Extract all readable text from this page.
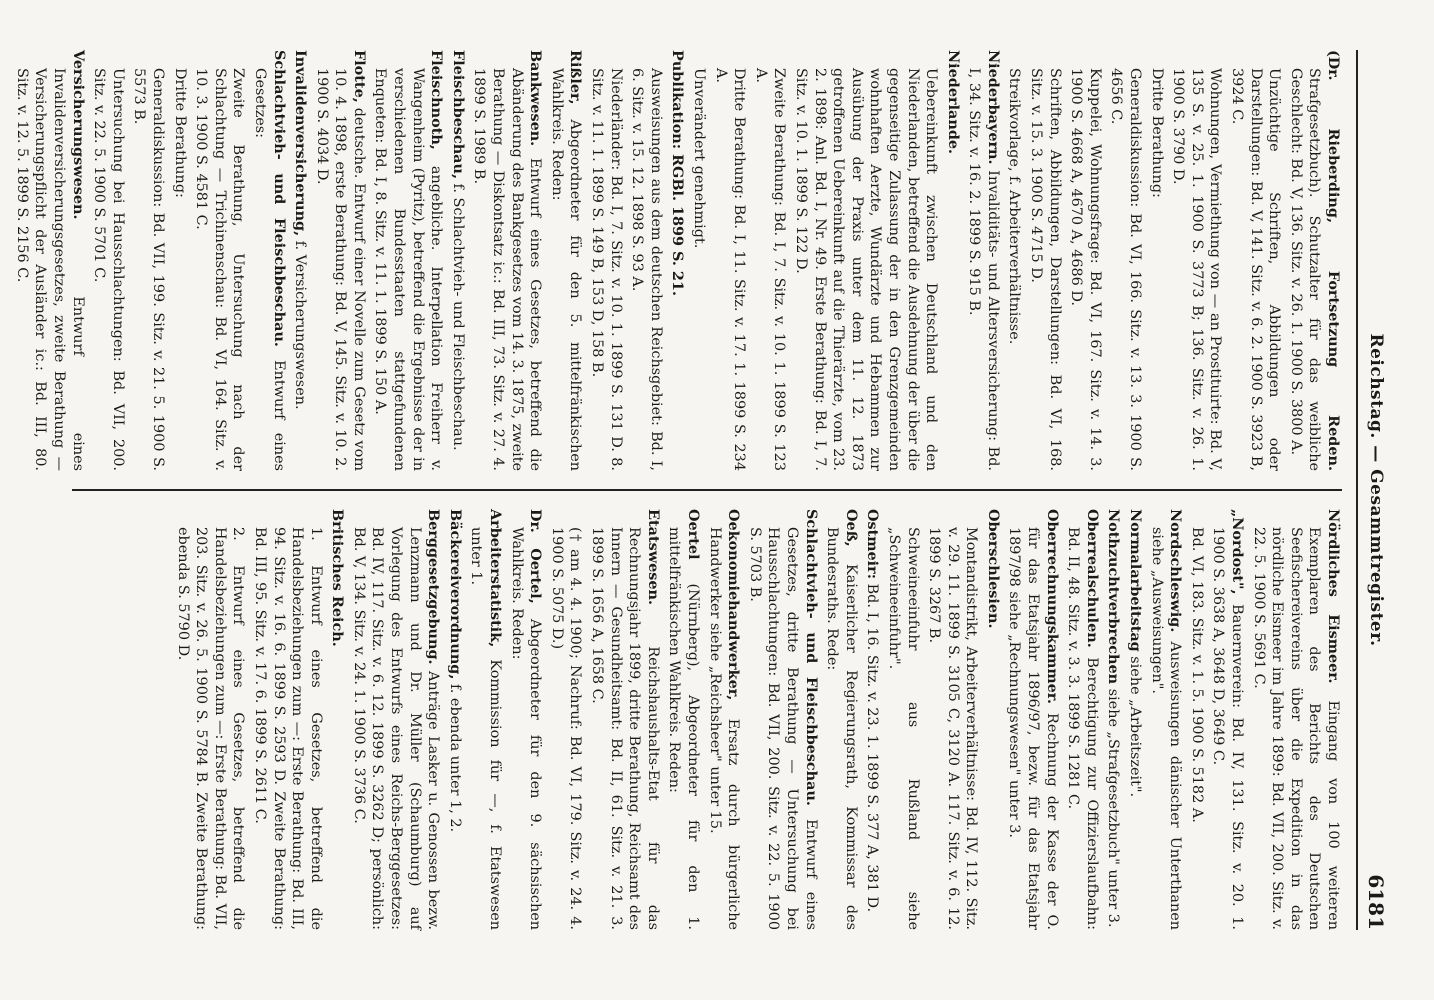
Reichstag. — Gesammtregister.
6181
(Dr. Rieberding, Fortsetzung Reden. Strafgesetzbuch). Schutzalter für das weibliche Geschlecht: Bd. V, 136. Sitz. v. 26. 1. 1900 S. 3800 A.
Unzüchtige Schriften, Abbildungen oder Darstellungen: Bd. V, 141. Sitz. v. 6. 2. 1900 S. 3923 B, 3924 C.
Wohnungen, Vermiethung von — an Prostituirte: Bd. V, 135 S. v. 25. 1. 1900 S. 3773 B; 136. Sitz. v. 26. 1. 1900 S. 3790 D.
Dritte Berathung:
Generaldiskussion: Bd. VI, 166. Sitz. v. 13. 3. 1900 S. 4656 C.
Kuppelei, Wohnungsfrage: Bd. VI, 167. Sitz. v. 14. 3. 1900 S. 4668 A, 4670 A, 4686 D.
Schriften, Abbildungen, Darstellungen: Bd. VI, 168. Sitz. v. 15. 3. 1900 S. 4715 D.
Streikvorlage, f. Arbeiterverhältnisse.
Niederbayern. Invaliditäts- und Altersversicherung: Bd. I, 34. Sitz. v. 16. 2. 1899 S. 915 B.
Niederlande.
Uebereinkunft zwischen Deutschland und den Niederlanden, betreffend die Ausdehnung der über die gegenseitige Zulassung der in den Grenzgemeinden wohnhaften Aerzte, Wundärzte und Hebammen zur Ausübung der Praxis unter dem 11. 12. 1873 getroffenen Uebereinkunft auf die Thierärzte, vom 23. 2. 1898: Anl. Bd. I, Nr. 49. Erste Berathung: Bd. I, 7. Sitz. v. 10. 1. 1899 S. 122 D.
Zweite Berathung: Bd. I, 7. Sitz. v. 10. 1. 1899 S. 123 A.
Dritte Berathung: Bd. I, 11. Sitz. v. 17. 1. 1899 S. 234 A.
Unverändert genehmigt.
Publikation: RGBl. 1899 S. 21.
Ausweisungen aus dem deutschen Reichsgebiet: Bd. I, 6. Sitz. v. 15. 12. 1898 S. 93 A.
Niederländer: Bd. I, 7. Sitz. v. 10. 1. 1899 S. 131 D. 8. Sitz. v. 11. 1. 1899 S. 149 B, 153 D, 158 B.
Rißler, Abgeordneter für den 5. mittelfränkischen Wahlkreis. Reden:
Bankwesen. Entwurf eines Gesetzes, betreffend die Abänderung des Bankgesetzes vom 14. 3. 1875, zweite Berathung — Diskontsatz ic.: Bd. III, 73. Sitz. v. 27. 4. 1899 S. 1989 B.
Fleischbeschau, f. Schlachtvieh- und Fleischbeschau.
Fleischnoth, angebliche. Interpellation Freiherr v. Wangenheim (Pyritz), betreffend die Ergebnisse der in verschiedenen Bundesstaaten stattgefundenen Enqueten: Bd. I, 8. Sitz. v. 11. 1. 1899 S. 150 A.
Flotte, deutsche. Entwurf einer Novelle zum Gesetz vom 10. 4. 1898, erste Berathung: Bd. V, 145. Sitz. v. 10. 2. 1900 S. 4034 D.
Invalidenversicherung, f. Versicherungswesen.
Schlachtvieh- und Fleischbeschau. Entwurf eines Gesetzes:
Zweite Berathung, Untersuchung nach der Schlachtung — Trichinenschau: Bd. VI, 164. Sitz. v. 10. 3. 1900 S. 4581 C.
Dritte Berathung:
Generaldiskussion: Bd. VII, 199. Sitz. v. 21. 5. 1900 S. 5573 B.
Untersuchung bei Hausschlachtungen: Bd. VII, 200. Sitz. v. 22. 5. 1900 S. 5701 C.
Versicherungswesen. Entwurf eines Invalidenversicherungsgesetzes, zweite Berathung — Versicherungspflicht der Ausländer ic.: Bd. III, 80. Sitz. v. 12. 5. 1899 S. 2156 C.
Nördliches Eismeer. Eingang von 100 weiteren Exemplaren des Berichts des Deutschen Seefischereivereins über die Expedition in das nördliche Eismeer im Jahre 1899: Bd. VII, 200. Sitz. v. 22. 5. 1900 S. 5691 C.
„Nordost", Bauernverein: Bd. IV, 131. Sitz. v. 20. 1. 1900 S. 3638 A, 3648 D, 3649 C.
Bd. VI, 183. Sitz. v. 1. 5. 1900 S. 5182 A.
Nordschleswig. Ausweisungen dänischer Unterthanen siehe „Ausweisungen".
Normalarbeitstag siehe „Arbeitszeit".
Nothzuchtverbrechen siehe „Strafgesetzbuch" unter 3.
Oberrealschulen. Berechtigung zur Offizierslaufbahn: Bd. II, 48. Sitz. v. 3. 3. 1899 S. 1281 C.
Oberrechnungskammer. Rechnung der Kasse der O. für das Etatsjahr 1896/97, bezw. für das Etatsjahr 1897/98 siehe „Rechnungswesen" unter 3.
Oberschlesien.
Montandistrikt, Arbeiterverhältnisse: Bd. IV, 112. Sitz. v. 29. 11. 1899 S. 3105 C, 3120 A. 117. Sitz. v. 6. 12. 1899 S. 3267 B.
Schweineeinfuhr aus Rußland siehe „Schweineeinfuhr".
Ostmeir: Bd. I, 16. Sitz. v. 23. 1. 1899 S. 377 A, 381 D.
Oeß, Kaiserlicher Regierungsrath, Kommissar des Bundesraths. Rede:
Schlachtvieh- und Fleischbeschau. Entwurf eines Gesetzes, dritte Berathung — Untersuchung bei Hausschlachtungen: Bd. VII, 200. Sitz. v. 22. 5. 1900 S. 5703 B.
Oekonomiehandwerker, Ersatz durch bürgerliche Handwerker siehe „Reichsheer" unter 15.
Oertel (Nürnberg), Abgeordneter für den 1. mittelfränkischen Wahlkreis. Reden:
Etatswesen. Reichshaushalts-Etat für das Rechnungsjahr 1899, dritte Berathung, Reichsamt des Innern — Gesundheitsamt: Bd. II, 61. Sitz. v. 21. 3. 1899 S. 1656 A, 1658 C.
(† am 4. 4. 1900; Nachruf: Bd. VI, 179. Sitz. v. 24. 4. 1900 S. 5075 D.)
Dr. Oertel, Abgeordneter für den 9. sächsischen Wahlkreis. Reden:
Arbeiterstatistik, Kommission für —, f. Etatswesen unter 1.
Bäckereiverordnung, f. ebenda unter 1, 2.
Berggesetzgebung. Anträge Lasker u. Genossen bezw. Lenzmann und Dr. Müller (Schaumburg) auf Vorlegung des Entwurfs eines Reichs-Berggesetzes: Bd. IV, 117. Sitz. v. 6. 12. 1899 S. 3262 D; persönlich: Bd. V, 134. Sitz. v. 24. 1. 1900 S. 3736 C.
Britisches Reich.
1. Entwurf eines Gesetzes, betreffend die Handelsbeziehungen zum —: Erste Berathung: Bd. III, 94. Sitz. v. 16. 6. 1899 S. 2593 D. Zweite Berathung: Bd. III, 95. Sitz. v. 17. 6. 1899 S. 2611 C.
2. Entwurf eines Gesetzes, betreffend die Handelsbeziehungen zum —: Erste Berathung: Bd. VII, 203. Sitz. v. 26. 5. 1900 S. 5784 B. Zweite Berathung: ebenda S. 5790 D.
